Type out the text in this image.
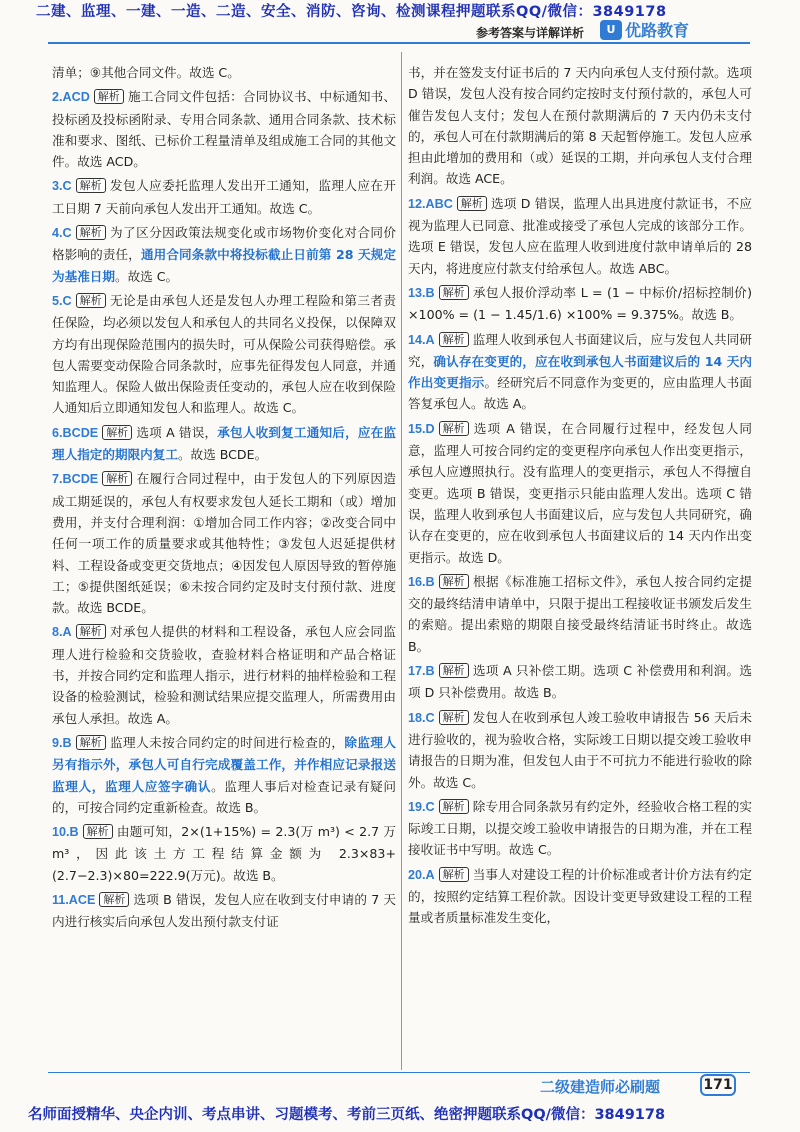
二建、监理、一建、一造、二造、安全、消防、咨询、检测课程押题联系QQ/微信：3849178
参考答案与详解详析	U 优路教育

清单；⑨其他合同文件。故选 C。

2.ACD 解析 施工合同文件包括：合同协议书、中标通知书、投标函及投标函附录、专用合同条款、通用合同条款、技术标准和要求、图纸、已标价工程量清单及组成施工合同的其他文件。故选 ACD。

3.C 解析 发包人应委托监理人发出开工通知，监理人应在开工日期 7 天前向承包人发出开工通知。故选 C。

4.C 解析 为了区分因政策法规变化或市场物价变化对合同价格影响的责任，通用合同条款中将投标截止日前第 28 天规定为基准日期。故选 C。

5.C 解析 无论是由承包人还是发包人办理工程险和第三者责任保险，均必须以发包人和承包人的共同名义投保，以保障双方均有出现保险范围内的损失时，可从保险公司获得赔偿。承包人需要变动保险合同条款时，应事先征得发包人同意，并通知监理人。保险人做出保险责任变动的，承包人应在收到保险人通知后立即通知发包人和监理人。故选 C。

6.BCDE 解析 选项 A 错误，承包人收到复工通知后，应在监理人指定的期限内复工。故选 BCDE。

7.BCDE 解析 在履行合同过程中，由于发包人的下列原因造成工期延误的，承包人有权要求发包人延长工期和（或）增加费用，并支付合理利润：①增加合同工作内容；②改变合同中任何一项工作的质量要求或其他特性；③发包人迟延提供材料、工程设备或变更交货地点；④因发包人原因导致的暂停施工；⑤提供图纸延误；⑥未按合同约定及时支付预付款、进度款。故选 BCDE。

8.A 解析 对承包人提供的材料和工程设备，承包人应会同监理人进行检验和交货验收，查验材料合格证明和产品合格证书，并按合同约定和监理人指示，进行材料的抽样检验和工程设备的检验测试，检验和测试结果应提交监理人，所需费用由承包人承担。故选 A。

9.B 解析 监理人未按合同约定的时间进行检查的，除监理人另有指示外，承包人可自行完成覆盖工作，并作相应记录报送监理人，监理人应签字确认。监理人事后对检查记录有疑问的，可按合同约定重新检查。故选 B。

10.B 解析 由题可知，2×(1+15%) = 2.3(万 m³) < 2.7 万 m³，因此该土方工程结算金额为 2.3×83+(2.7−2.3)×80=222.9(万元)。故选 B。

11.ACE 解析 选项 B 错误，发包人应在收到支付申请的 7 天内进行核实后向承包人发出预付款支付证

书，并在签发支付证书后的 7 天内向承包人支付预付款。选项 D 错误，发包人没有按合同约定按时支付预付款的，承包人可催告发包人支付；发包人在预付款期满后的 7 天内仍未支付的，承包人可在付款期满后的第 8 天起暂停施工。发包人应承担由此增加的费用和（或）延误的工期，并向承包人支付合理利润。故选 ACE。

12.ABC 解析 选项 D 错误，监理人出具进度付款证书，不应视为监理人已同意、批准或接受了承包人完成的该部分工作。选项 E 错误，发包人应在监理人收到进度付款申请单后的 28 天内，将进度应付款支付给承包人。故选 ABC。

13.B 解析 承包人报价浮动率 L = (1 − 中标价/招标控制价) ×100% = (1 − 1.45/1.6) ×100% = 9.375%。故选 B。

14.A 解析 监理人收到承包人书面建议后，应与发包人共同研究，确认存在变更的，应在收到承包人书面建议后的 14 天内作出变更指示。经研究后不同意作为变更的，应由监理人书面答复承包人。故选 A。

15.D 解析 选项 A 错误，在合同履行过程中，经发包人同意，监理人可按合同约定的变更程序向承包人作出变更指示，承包人应遵照执行。没有监理人的变更指示，承包人不得擅自变更。选项 B 错误，变更指示只能由监理人发出。选项 C 错误，监理人收到承包人书面建议后，应与发包人共同研究，确认存在变更的，应在收到承包人书面建议后的 14 天内作出变更指示。故选 D。

16.B 解析 根据《标准施工招标文件》，承包人按合同约定提交的最终结清申请单中，只限于提出工程接收证书颁发后发生的索赔。提出索赔的期限自接受最终结清证书时终止。故选 B。

17.B 解析 选项 A 只补偿工期。选项 C 补偿费用和利润。选项 D 只补偿费用。故选 B。

18.C 解析 发包人在收到承包人竣工验收申请报告 56 天后未进行验收的，视为验收合格，实际竣工日期以提交竣工验收申请报告的日期为准，但发包人由于不可抗力不能进行验收的除外。故选 C。

19.C 解析 除专用合同条款另有约定外，经验收合格工程的实际竣工日期，以提交竣工验收申请报告的日期为准，并在工程接收证书中写明。故选 C。

20.A 解析 当事人对建设工程的计价标准或者计价方法有约定的，按照约定结算工程价款。因设计变更导致建设工程的工程量或者质量标准发生变化，

二级建造师必刷题	171
名师面授精华、央企内训、考点串讲、习题模考、考前三页纸、绝密押题联系QQ/微信：3849178
